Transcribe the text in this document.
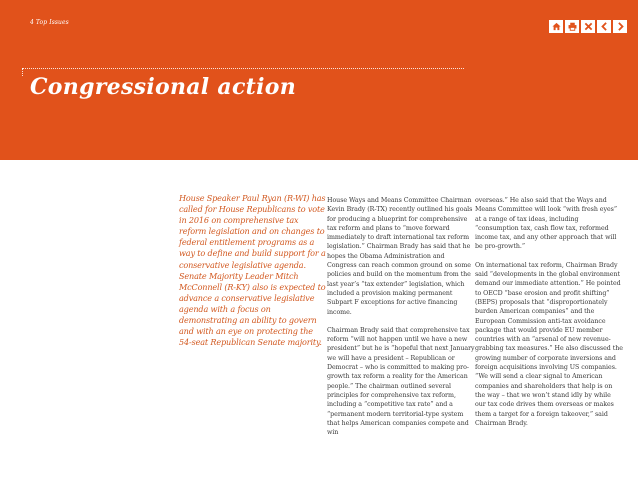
4 Top Issues
Congressional action

House Speaker Paul Ryan (R-WI) has called for House Republicans to vote in 2016 on comprehensive tax reform legislation and on changes to federal entitlement programs as a way to define and build support for a conservative legislative agenda. Senate Majority Leader Mitch McConnell (R-KY) also is expected to advance a conservative legislative agenda with a focus on demonstrating an ability to govern and with an eye on protecting the 54-seat Republican Senate majority.

House Ways and Means Committee Chairman Kevin Brady (R-TX) recently outlined his goals for producing a blueprint for comprehensive tax reform and plans to “move forward immediately to draft international tax reform legislation.” Chairman Brady has said that he hopes the Obama Administration and Congress can reach common ground on some policies and build on the momentum from the last year’s “tax extender” legislation, which included a provision making permanent Subpart F exceptions for active financing income.

Chairman Brady said that comprehensive tax reform “will not happen until we have a new president” but he is “hopeful that next January we will have a president – Republican or Democrat – who is committed to making pro-growth tax reform a reality for the American people.” The chairman outlined several principles for comprehensive tax reform, including a “competitive tax rate” and a “permanent modern territorial-type system that helps American companies compete and win

overseas.” He also said that the Ways and Means Committee will look “with fresh eyes” at a range of tax ideas, including “consumption tax, cash flow tax, reformed income tax, and any other approach that will be pro-growth.”

On international tax reform, Chairman Brady said “developments in the global environment demand our immediate attention.” He pointed to OECD “base erosion and profit shifting” (BEPS) proposals that “disproportionately burden American companies” and the European Commission anti-tax avoidance package that would provide EU member countries with an “arsenal of new revenue-grabbing tax measures.” He also discussed the growing number of corporate inversions and foreign acquisitions involving US companies. “We will send a clear signal to American companies and shareholders that help is on the way – that we won’t stand idly by while our tax code drives them overseas or makes them a target for a foreign takeover,” said Chairman Brady.
